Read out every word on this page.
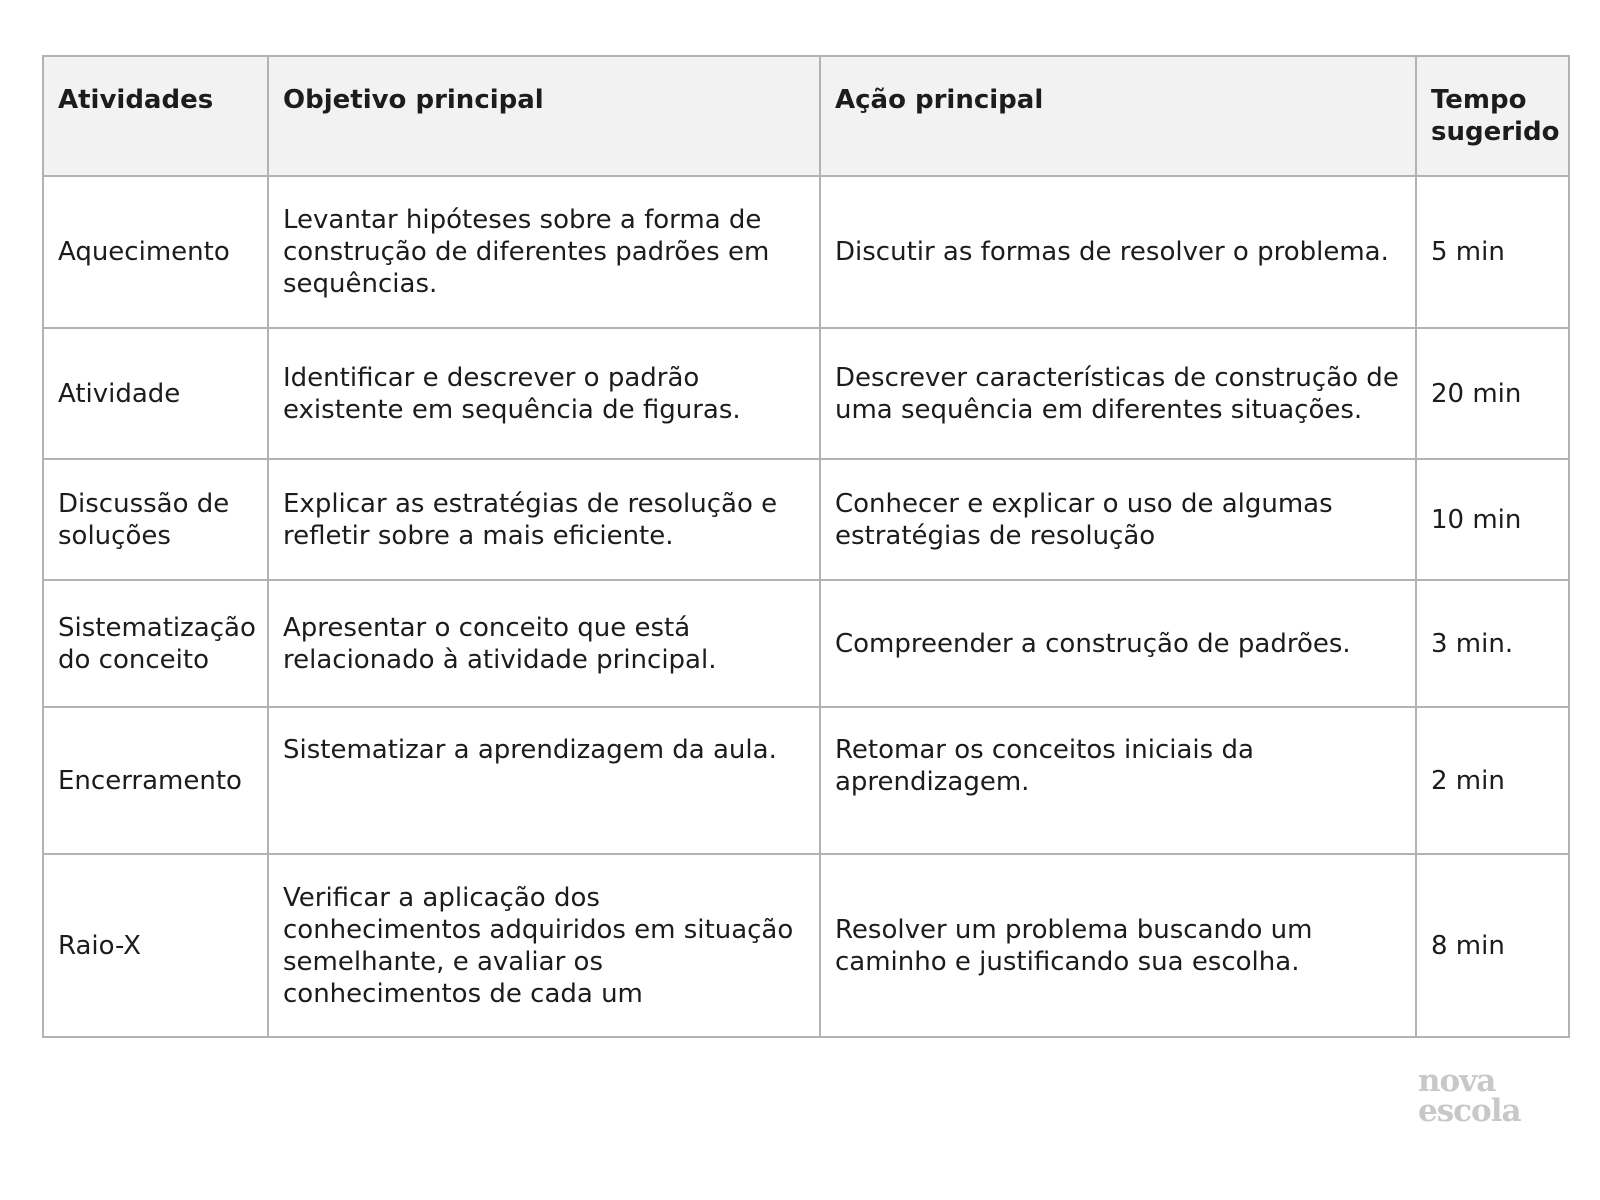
Atividades	Objetivo principal	Ação principal	Tempo sugerido
Aquecimento	Levantar hipóteses sobre a forma de construção de diferentes padrões em sequências.	Discutir as formas de resolver o problema.	5 min
Atividade	Identificar e descrever o padrão existente em sequência de figuras.	Descrever características de construção de uma sequência em diferentes situações.	20 min
Discussão de soluções	Explicar as estratégias de resolução e refletir sobre a mais eficiente.	Conhecer e explicar o uso de algumas estratégias de resolução	10 min
Sistematização do conceito	Apresentar o conceito que está relacionado à atividade principal.	Compreender a construção de padrões.	3 min.
Encerramento	Sistematizar a aprendizagem da aula.	Retomar os conceitos iniciais da aprendizagem.	2 min
Raio-X	Verificar a aplicação dos conhecimentos adquiridos em situação semelhante, e avaliar os conhecimentos de cada um	Resolver um problema buscando um caminho e justificando sua escolha.	8 min
nova
escola
